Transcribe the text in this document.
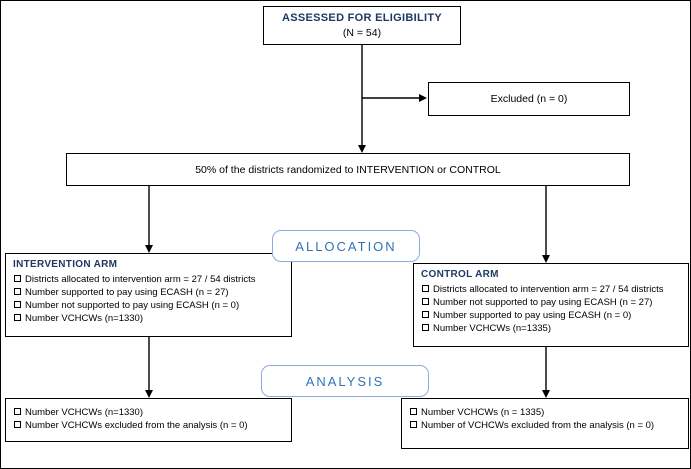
ASSESSED FOR ELIGIBILITY
(N = 54)
Excluded (n = 0)
50% of the districts randomized to INTERVENTION or CONTROL
ALLOCATION
INTERVENTION ARM
Districts allocated to intervention arm = 27 / 54 districts
Number supported to pay using ECASH (n = 27)
Number not supported to pay using ECASH (n = 0)
Number VCHCWs (n=1330)
CONTROL ARM
Districts allocated to intervention arm = 27 / 54 districts
Number not supported to pay using ECASH (n = 27)
Number supported to pay using ECASH (n = 0)
Number VCHCWs (n=1335)
ANALYSIS
Number VCHCWs (n=1330)
Number VCHCWs excluded from the analysis (n = 0)
Number VCHCWs (n = 1335)
Number of VCHCWs excluded from the analysis (n = 0)
